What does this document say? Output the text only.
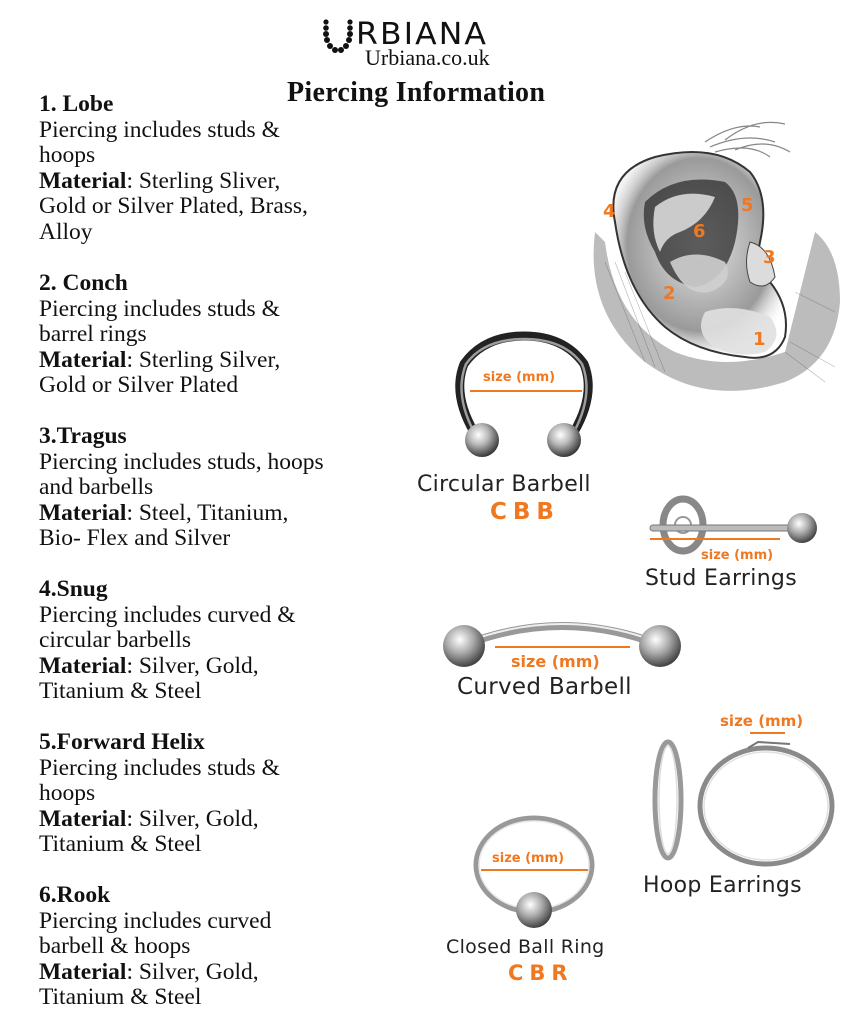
RBIANA
Urbiana.co.uk
Piercing Information
1. Lobe
Piercing includes studs &
hoops
Material: Sterling Sliver,
Gold or Silver Plated, Brass,
Alloy
2. Conch
Piercing includes studs &
barrel rings
Material: Sterling Silver,
Gold or Silver Plated
3.Tragus
Piercing includes studs, hoops
and barbells
Material: Steel, Titanium,
Bio- Flex and Silver
4.Snug
Piercing includes curved &
circular barbells
Material: Silver, Gold,
Titanium & Steel
5.Forward Helix
Piercing includes studs &
hoops
Material: Silver, Gold,
Titanium & Steel
6.Rook
Piercing includes curved
barbell & hoops
Material: Silver, Gold,
Titanium & Steel
1
2
3
4	5
6
size (mm)
Circular Barbell
CBB
size (mm)
Stud Earrings
size (mm)
Curved Barbell
size (mm)
Hoop Earrings
size (mm)
Closed Ball Ring
CBR
